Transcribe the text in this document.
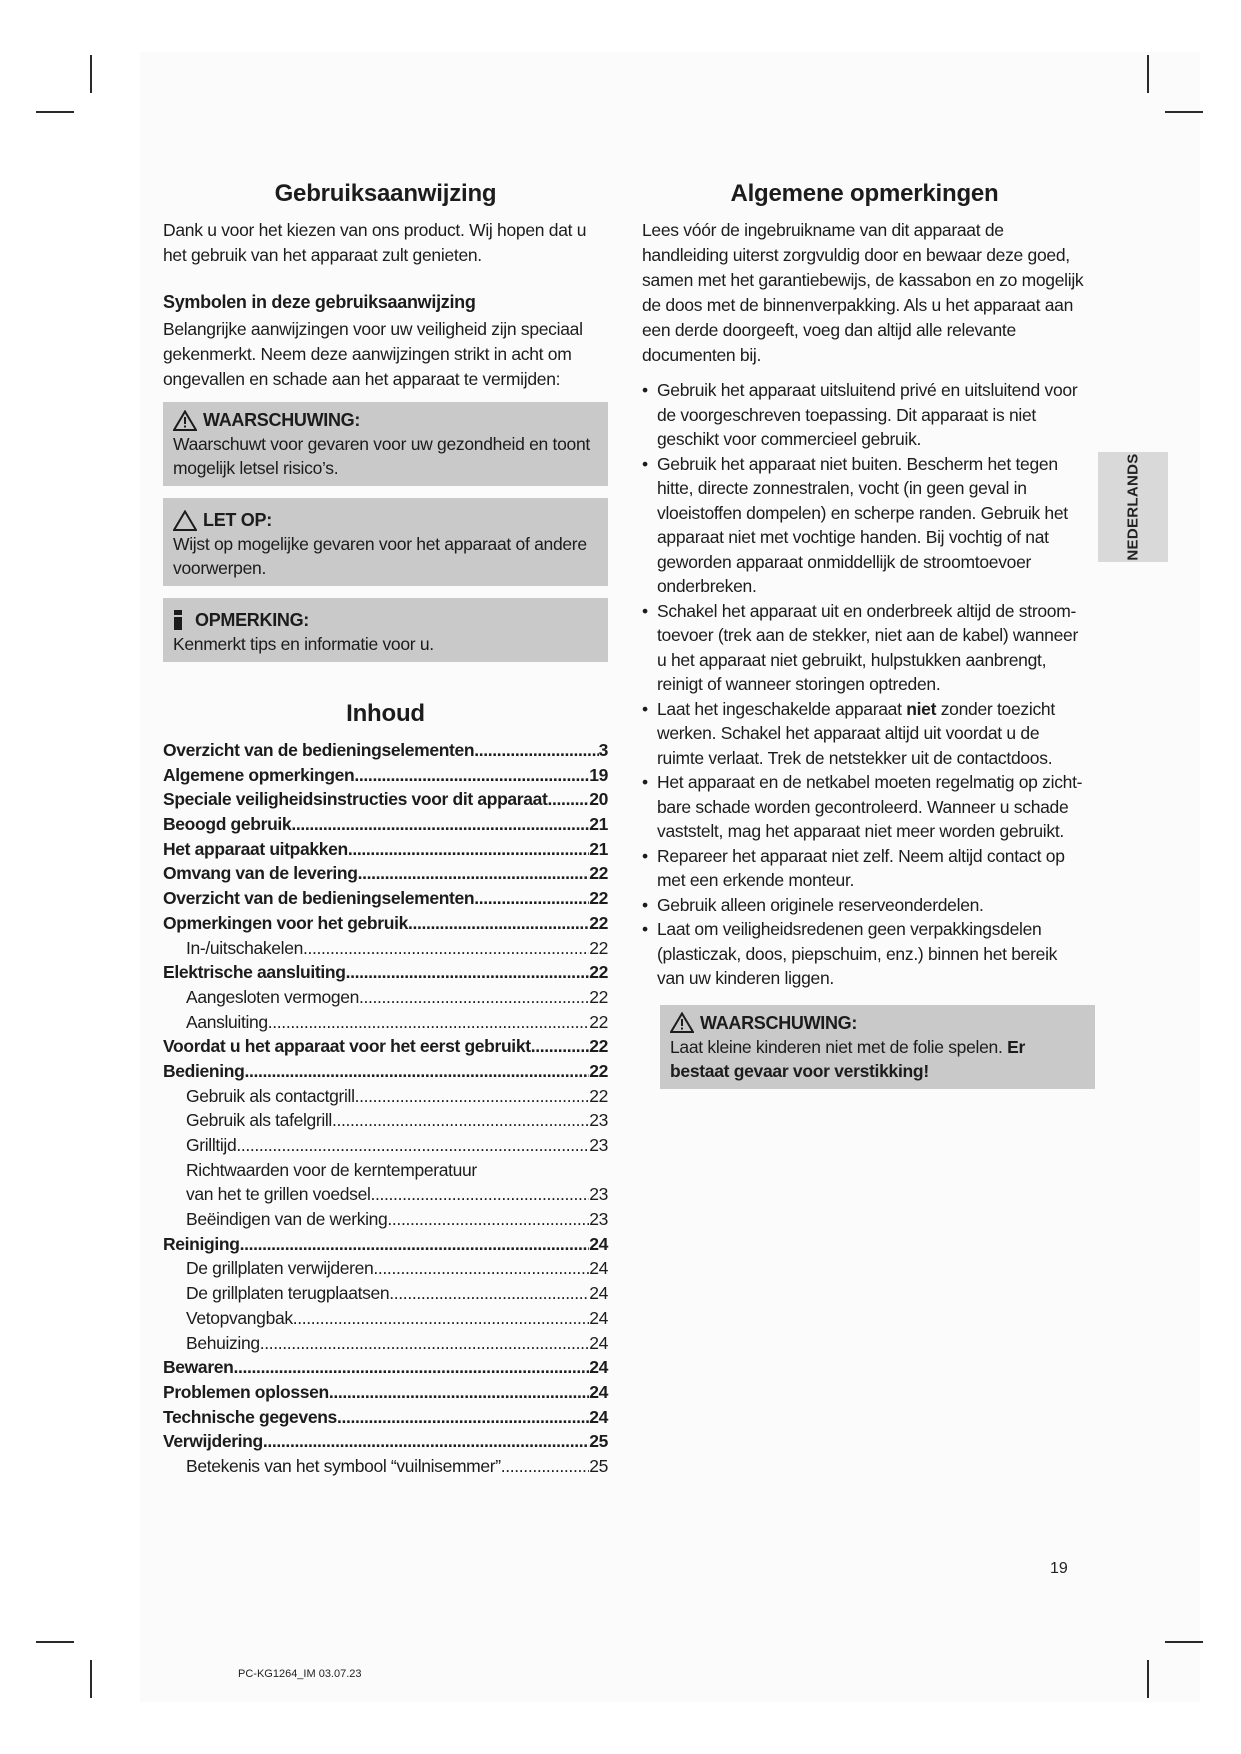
Gebruiksaanwijzing

Dank u voor het kiezen van ons product. Wij hopen dat u het gebruik van het apparaat zult genieten.

Symbolen in deze gebruiksaanwijzing

Belangrijke aanwijzingen voor uw veiligheid zijn speciaal gekenmerkt. Neem deze aanwijzingen strikt in acht om ongevallen en schade aan het apparaat te vermijden:

WAARSCHUWING:
Waarschuwt voor gevaren voor uw gezondheid en toont mogelijk letsel risico’s.
LET OP:
Wijst op mogelijke gevaren voor het apparaat of andere voorwerpen.
OPMERKING:
Kenmerkt tips en informatie voor u.
Inhoud
Overzicht van de bedieningselementen .....	3
Algemene opmerkingen .....	19
Speciale veiligheidsinstructies voor dit apparaat ..... 20
Beoogd gebruik .....	21
Het apparaat uitpakken .....	21
Omvang van de levering .....	22
Overzicht van de bedieningselementen .....	22
Opmerkingen voor het gebruik .....	22
In-/uitschakelen .....	22
Elektrische aansluiting .....	22
Aangesloten vermogen .....	22
Aansluiting .....	22
Voordat u het apparaat voor het eerst gebruikt .....	22
Bediening .....	22
Gebruik als contactgrill .....	22
Gebruik als tafelgrill .....	23
Grilltijd .....	23
Richtwaarden voor de kerntemperatuur
van het te grillen voedsel .....	23
Beëindigen van de werking .....	23
Reiniging .....	24
De grillplaten verwijderen .....	24
De grillplaten terugplaatsen .....	24
Vetopvangbak .....	24
Behuizing .....	24
Bewaren .....	24
Problemen oplossen .....	24
Technische gegevens .....	24
Verwijdering .....	25
Betekenis van het symbool “vuilnisemmer” .....	25
Algemene opmerkingen

Lees vóór de ingebruikname van dit apparaat de handleiding uiterst zorgvuldig door en bewaar deze goed, samen met het garantiebewijs, de kassabon en zo mogelijk de doos met de binnenverpakking. Als u het apparaat aan een derde doorgeeft, voeg dan altijd alle relevante documenten bij.

• Gebruik het apparaat uitsluitend privé en uitsluitend voor de voorgeschreven toepassing. Dit apparaat is niet geschikt voor commercieel gebruik.
• Gebruik het apparaat niet buiten. Bescherm het tegen hitte, directe zonnestralen, vocht (in geen geval in vloeistoffen dompelen) en scherpe randen. Gebruik het apparaat niet met vochtige handen. Bij vochtig of nat geworden apparaat onmiddellijk de stroomtoevoer onderbreken.
• Schakel het apparaat uit en onderbreek altijd de stroom-toevoer (trek aan de stekker, niet aan de kabel) wanneer u het apparaat niet gebruikt, hulpstukken aanbrengt, reinigt of wanneer storingen optreden.
• Laat het ingeschakelde apparaat niet zonder toezicht werken. Schakel het apparaat altijd uit voordat u de ruimte verlaat. Trek de netstekker uit de contactdoos.
• Het apparaat en de netkabel moeten regelmatig op zicht-bare schade worden gecontroleerd. Wanneer u schade vaststelt, mag het apparaat niet meer worden gebruikt.
• Repareer het apparaat niet zelf. Neem altijd contact op met een erkende monteur.
• Gebruik alleen originele reserveonderdelen.
• Laat om veiligheidsredenen geen verpakkingsdelen (plasticzak, doos, piepschuim, enz.) binnen het bereik van uw kinderen liggen.
WAARSCHUWING:
Laat kleine kinderen niet met de folie spelen. Er bestaat gevaar voor verstikking!
NEDERLANDS
19
PC-KG1264_IM 03.07.23
